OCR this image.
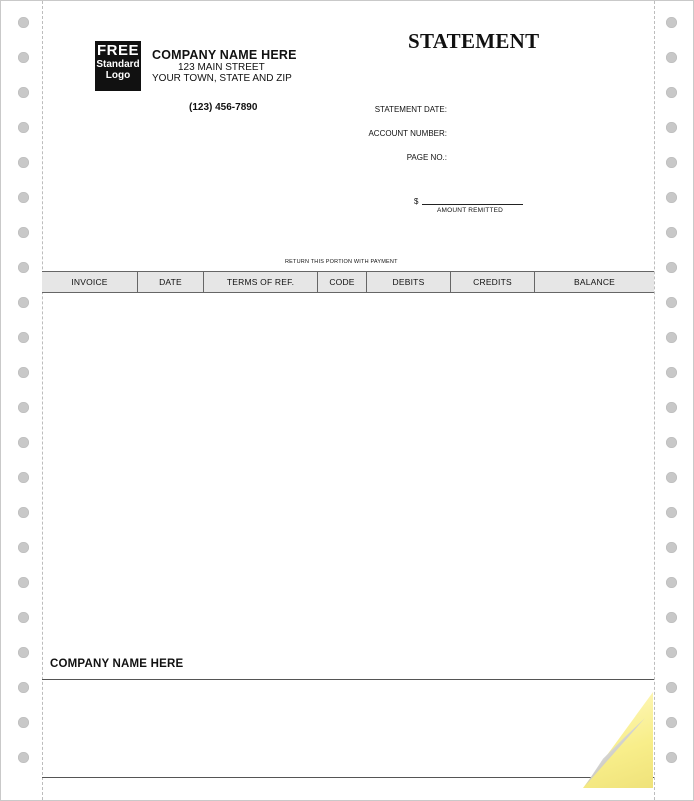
FREE
Standard
Logo
COMPANY NAME HERE
123 MAIN STREET
YOUR TOWN, STATE AND ZIP
(123) 456-7890
STATEMENT
STATEMENT DATE:
ACCOUNT NUMBER:
PAGE NO.:
$
AMOUNT REMITTED
RETURN THIS PORTION WITH PAYMENT
INVOICE	DATE	TERMS OF REF.	CODE	DEBITS	CREDITS	BALANCE
COMPANY NAME HERE
